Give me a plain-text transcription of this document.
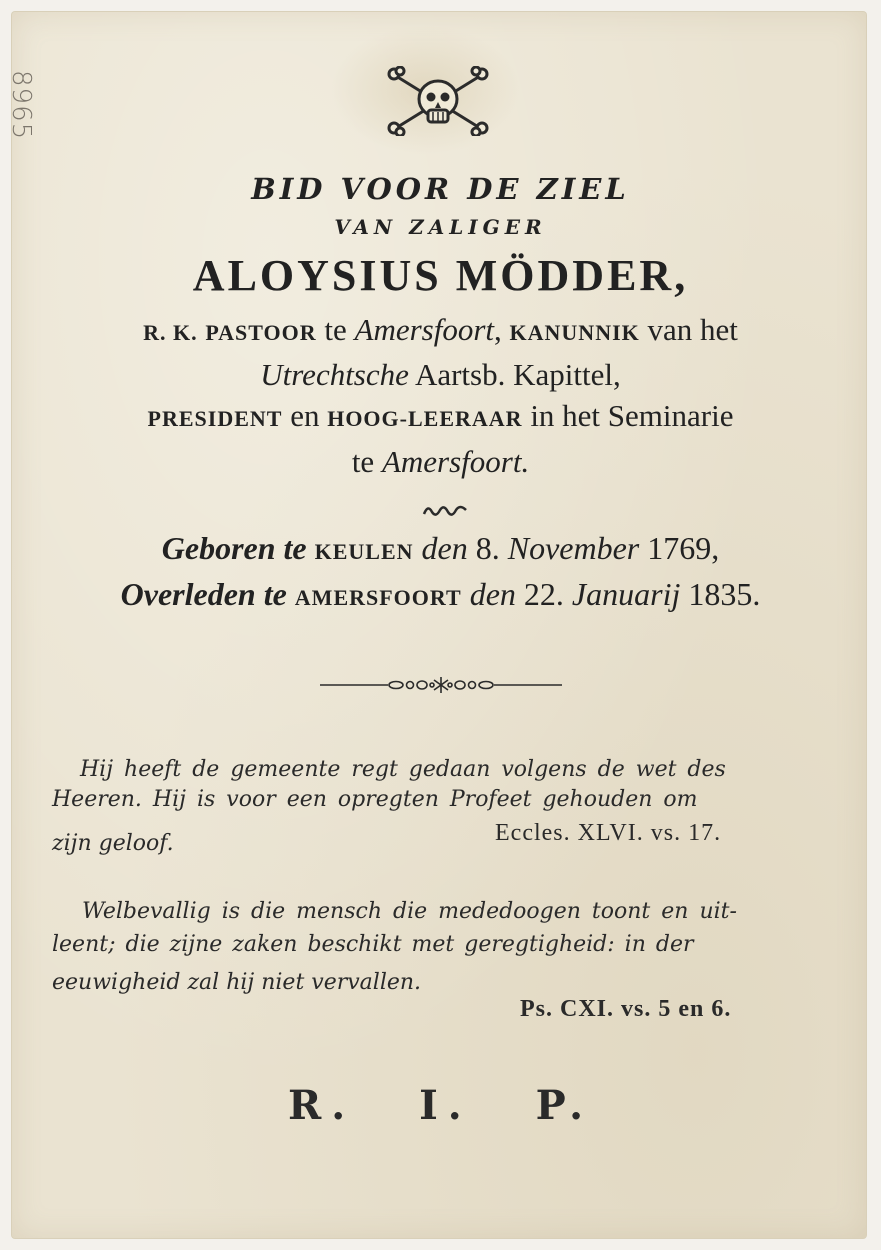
8965
BID VOOR DE ZIEL
VAN ZALIGER
ALOYSIUS MÖDDER,
R. K. PASTOOR te Amersfoort, KANUNNIK van het
Utrechtsche Aartsb. Kapittel,
PRESIDENT en HOOG-LEERAAR in het Seminarie
te Amersfoort.
Geboren te KEULEN den 8. November 1769,
Overleden te AMERSFOORT den 22. Januarij 1835.
Hij heeft de gemeente regt gedaan volgens de wet des
Heeren. Hij is voor een opregten Profeet gehouden om
zijn geloof.	Eccles. XLVI. vs. 17.
Welbevallig is die mensch die mededoogen toont en uit-
leent; die zijne zaken beschikt met geregtigheid: in der
eeuwigheid zal hij niet vervallen.
Ps. CXI. vs. 5 en 6.
R. I. P.
